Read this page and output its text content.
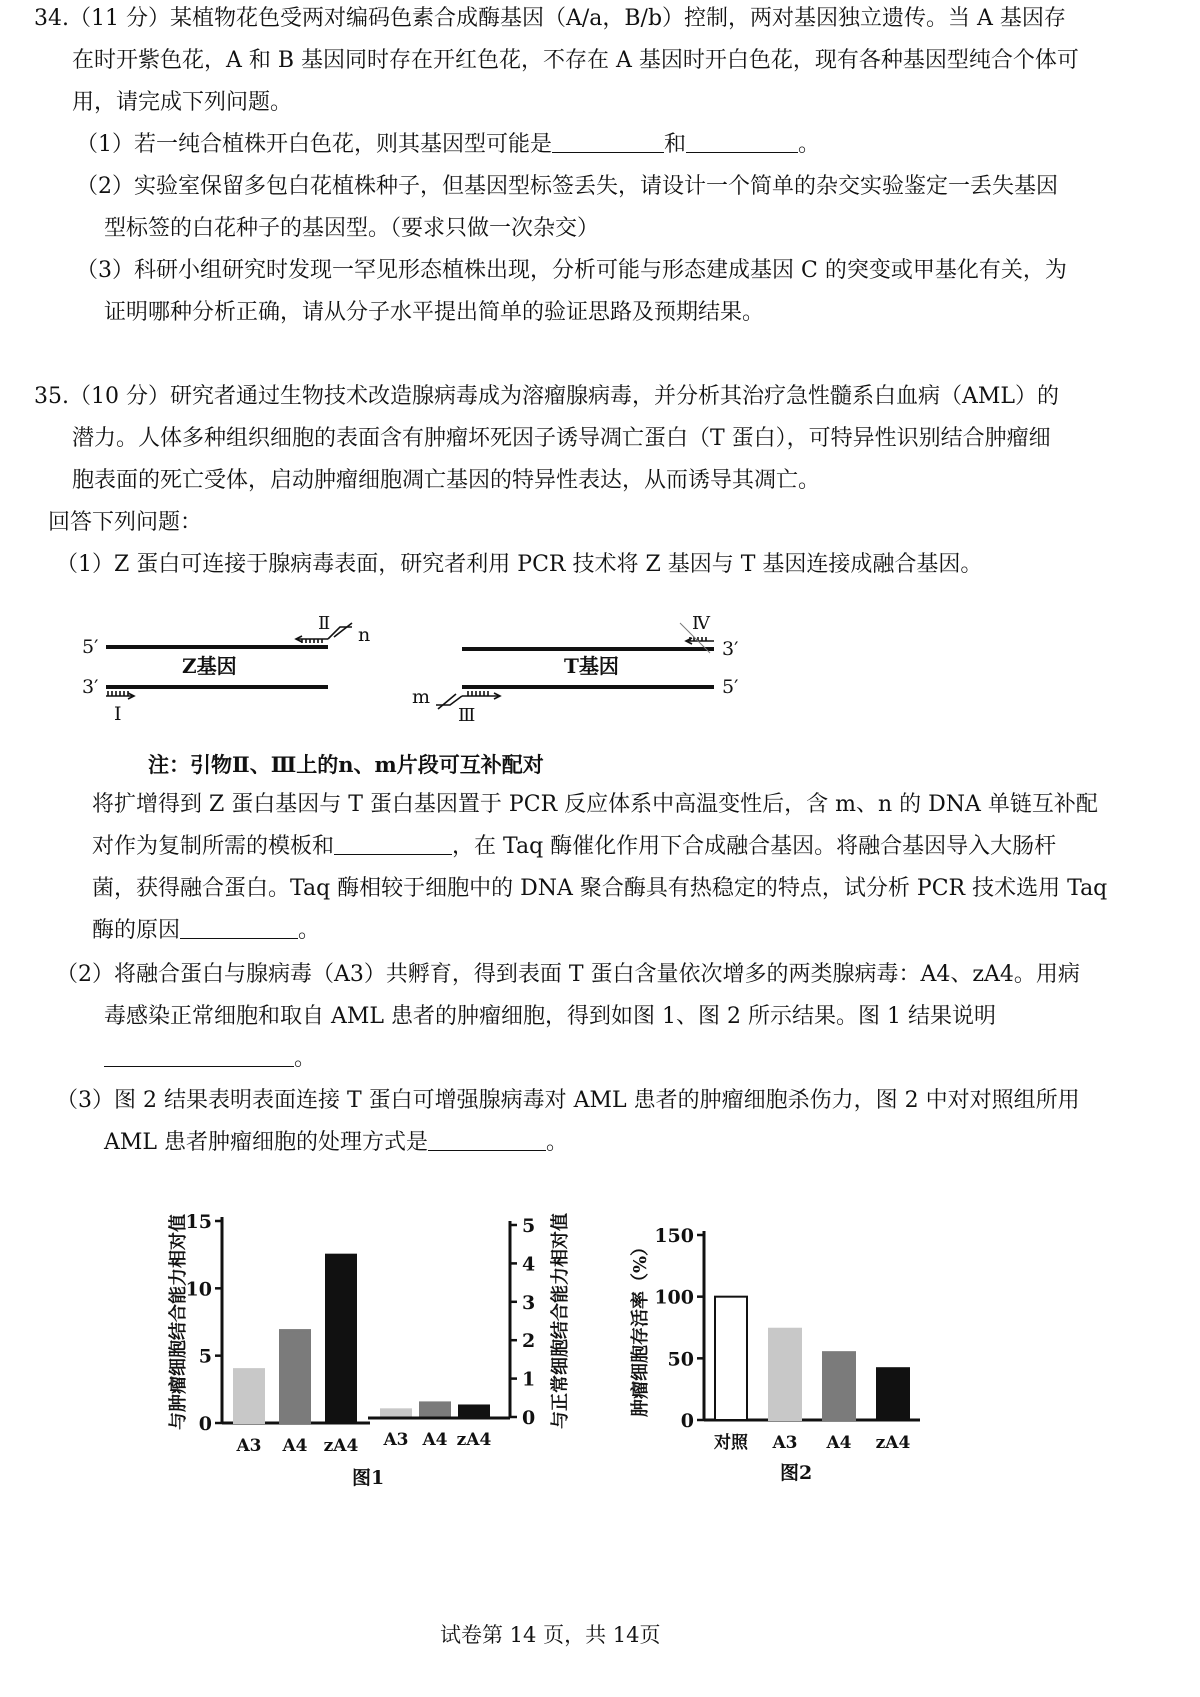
34.（11 分）某植物花色受两对编码色素合成酶基因（A/a，B/b）控制，两对基因独立遗传。当 A 基因存
在时开紫色花，A 和 B 基因同时存在开红色花，不存在 A 基因时开白色花，现有各种基因型纯合个体可
用，请完成下列问题。
（1）若一纯合植株开白色花，则其基因型可能是	和	。
（2）实验室保留多包白花植株种子，但基因型标签丢失，请设计一个简单的杂交实验鉴定一丢失基因
型标签的白花种子的基因型。（要求只做一次杂交）
（3）科研小组研究时发现一罕见形态植株出现，分析可能与形态建成基因 C 的突变或甲基化有关，为
证明哪种分析正确，请从分子水平提出简单的验证思路及预期结果。
35.（10 分）研究者通过生物技术改造腺病毒成为溶瘤腺病毒，并分析其治疗急性髓系白血病（AML）的
潜力。人体多种组织细胞的表面含有肿瘤坏死因子诱导凋亡蛋白（T 蛋白），可特异性识别结合肿瘤细
胞表面的死亡受体，启动肿瘤细胞凋亡基因的特异性表达，从而诱导其凋亡。
回答下列问题：
（1）Z 蛋白可连接于腺病毒表面，研究者利用 PCR 技术将 Z 基因与 T 基因连接成融合基因。
5′
3′
Z基因
Ⅰ
Ⅱ
n
3′
5′
T基因
m
Ⅲ
Ⅳ
注：引物Ⅱ、Ⅲ上的n、m片段可互补配对
将扩增得到 Z 蛋白基因与 T 蛋白基因置于 PCR 反应体系中高温变性后，含 m、n 的 DNA 单链互补配
对作为复制所需的模板和	，在 Taq 酶催化作用下合成融合基因。将融合基因导入大肠杆
菌，获得融合蛋白。Taq 酶相较于细胞中的 DNA 聚合酶具有热稳定的特点，试分析 PCR 技术选用 Taq
酶的原因	。
（2）将融合蛋白与腺病毒（A3）共孵育，得到表面 T 蛋白含量依次增多的两类腺病毒：A4、zA4。用病
毒感染正常细胞和取自 AML 患者的肿瘤细胞，得到如图 1、图 2 所示结果。图 1 结果说明
。
（3）图 2 结果表明表面连接 T 蛋白可增强腺病毒对 AML 患者的肿瘤细胞杀伤力，图 2 中对对照组所用
AML 患者肿瘤细胞的处理方式是	。
0
5
10
15
A3 A4 zA4
与肿瘤细胞结合能力相对值	0
1
2
3
4
5
A3 A4 zA4
与正常细胞结合能力相对值	0
50
100
150
对照 A3 A4 zA4
肿瘤细胞存活率（%）
图1	图2
试卷第 14 页，共 14页
